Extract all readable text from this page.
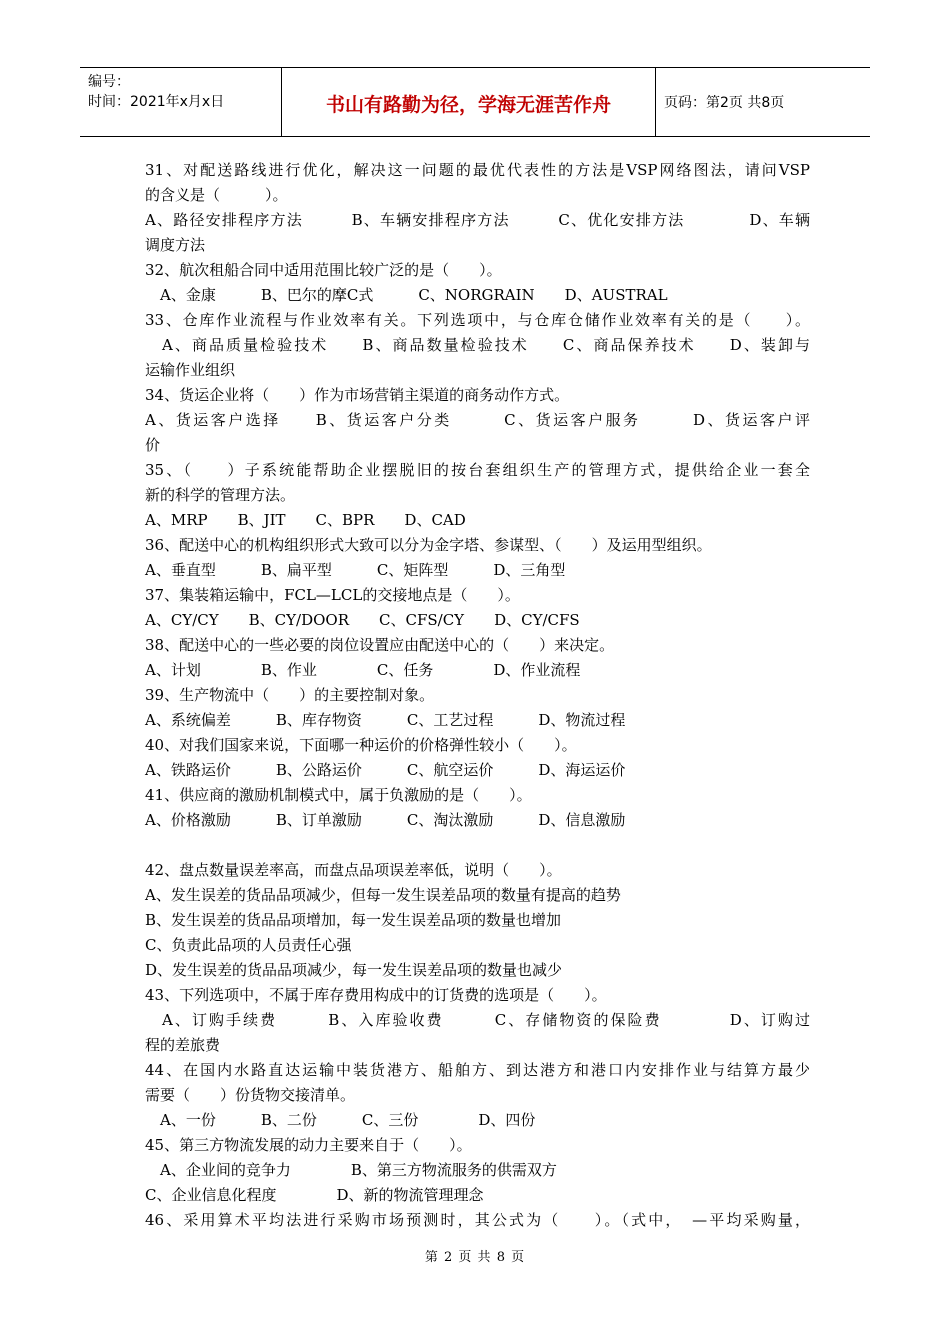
编号：
时间：2021年x月x日	书山有路勤为径，学海无涯苦作舟	页码：第2页 共8页
31、对配送路线进行优化，解决这一问题的最优代表性的方法是VSP网络图法，请问VSP
的含义是（　　　）。
A、路径安排程序方法　　　B、车辆安排程序方法　　　C、优化安排方法　　　　D、车辆
调度方法
32、航次租船合同中适用范围比较广泛的是（　　）。
　A、金康　　　B、巴尔的摩C式　　　C、NORGRAIN　　D、AUSTRAL
33、仓库作业流程与作业效率有关。下列选项中，与仓库仓储作业效率有关的是（　　）。
　A、商品质量检验技术　　B、商品数量检验技术　　C、商品保养技术　　D、装卸与
运输作业组织
34、货运企业将（　　）作为市场营销主渠道的商务动作方式。
A、货运客户选择　　B、货运客户分类　　　C、货运客户服务　　　D、货运客户评
价
35、（　　）子系统能帮助企业摆脱旧的按台套组织生产的管理方式，提供给企业一套全
新的科学的管理方法。
A、MRP　　B、JIT　　C、BPR　　D、CAD
36、配送中心的机构组织形式大致可以分为金字塔、参谋型、（　　）及运用型组织。
A、垂直型　　　B、扁平型　　　C、矩阵型　　　D、三角型
37、集装箱运输中，FCL—LCL的交接地点是（　　）。
A、CY/CY　　B、CY/DOOR　　C、CFS/CY　　D、CY/CFS
38、配送中心的一些必要的岗位设置应由配送中心的（　　）来决定。
A、计划　　　　B、作业　　　　C、任务　　　　D、作业流程
39、生产物流中（　　）的主要控制对象。
A、系统偏差　　　B、库存物资　　　C、工艺过程　　　D、物流过程
40、对我们国家来说，下面哪一种运价的价格弹性较小（　　）。
A、铁路运价　　　B、公路运价　　　C、航空运价　　　D、海运运价
41、供应商的激励机制模式中，属于负激励的是（　　）。
A、价格激励　　　B、订单激励　　　C、淘汰激励　　　D、信息激励
42、盘点数量误差率高，而盘点品项误差率低，说明（　　）。
A、发生误差的货品品项减少，但每一发生误差品项的数量有提高的趋势
B、发生误差的货品品项增加，每一发生误差品项的数量也增加
C、负责此品项的人员责任心强
D、发生误差的货品品项减少，每一发生误差品项的数量也减少
43、下列选项中，不属于库存费用构成中的订货费的选项是（　　）。
　A、订购手续费　　　B、入库验收费　　　C、存储物资的保险费　　　　D、订购过
程的差旅费
44、在国内水路直达运输中装货港方、船舶方、到达港方和港口内安排作业与结算方最少
需要（　　）份货物交接清单。
　A、一份　　　B、二份　　　C、三份　　　　D、四份
45、第三方物流发展的动力主要来自于（　　）。
　A、企业间的竞争力　　　　B、第三方物流服务的供需双方
C、企业信息化程度　　　　D、新的物流管理理念
46、采用算术平均法进行采购市场预测时，其公式为（　　）。（式中，　—平均采购量，
第 2 页 共 8 页
